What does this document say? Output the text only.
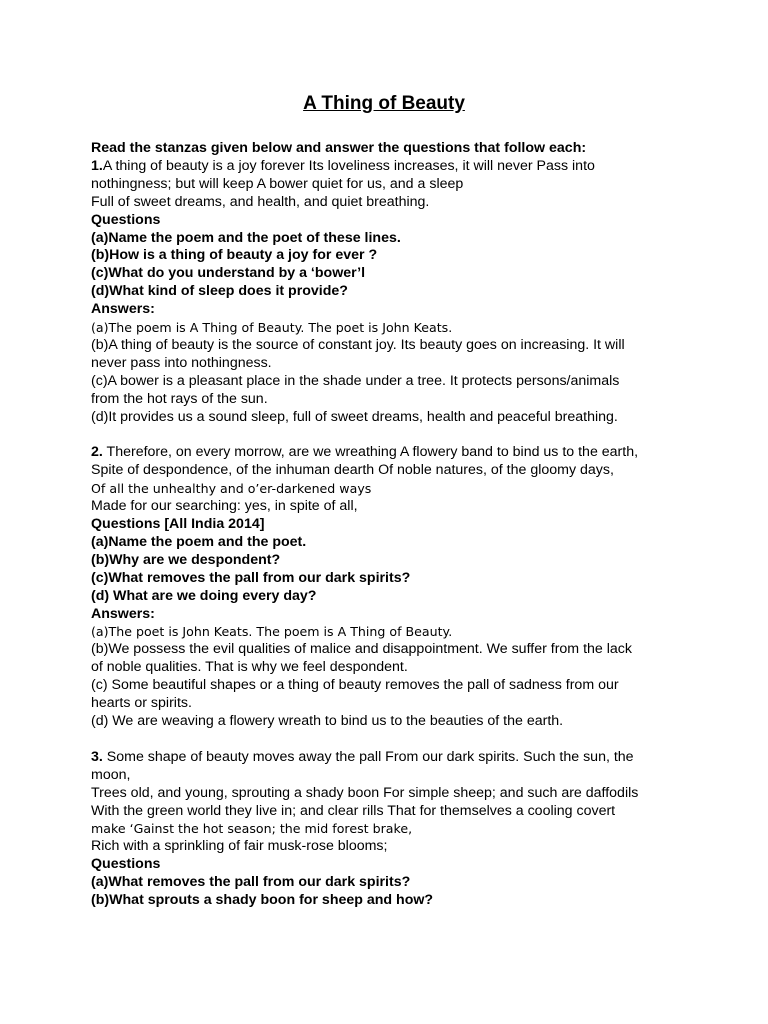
A Thing of Beauty
Read the stanzas given below and answer the questions that follow each:
1.A thing of beauty is a joy forever Its loveliness increases, it will never Pass into
nothingness; but will keep A bower quiet for us, and a sleep
Full of sweet dreams, and health, and quiet breathing.
Questions
(a)Name the poem and the poet of these lines.
(b)How is a thing of beauty a joy for ever ?
(c)What do you understand by a ‘bower’l
(d)What kind of sleep does it provide?
Answers:
(a)The poem is A Thing of Beauty. The poet is John Keats.
(b)A thing of beauty is the source of constant joy. Its beauty goes on increasing. It will
never pass into nothingness.
(c)A bower is a pleasant place in the shade under a tree. It protects persons/animals
from the hot rays of the sun.
(d)It provides us a sound sleep, full of sweet dreams, health and peaceful breathing.
2. Therefore, on every morrow, are we wreathing A flowery band to bind us to the earth,
Spite of despondence, of the inhuman dearth Of noble natures, of the gloomy days,
Of all the unhealthy and o’er-darkened ways
Made for our searching: yes, in spite of all,
Questions [All India 2014]
(a)Name the poem and the poet.
(b)Why are we despondent?
(c)What removes the pall from our dark spirits?
(d) What are we doing every day?
Answers:
(a)The poet is John Keats. The poem is A Thing of Beauty.
(b)We possess the evil qualities of malice and disappointment. We suffer from the lack
of noble qualities. That is why we feel despondent.
(c) Some beautiful shapes or a thing of beauty removes the pall of sadness from our
hearts or spirits.
(d) We are weaving a flowery wreath to bind us to the beauties of the earth.
3. Some shape of beauty moves away the pall From our dark spirits. Such the sun, the
moon,
Trees old, and young, sprouting a shady boon For simple sheep; and such are daffodils
With the green world they live in; and clear rills That for themselves a cooling covert
make ‘Gainst the hot season; the mid forest brake,
Rich with a sprinkling of fair musk-rose blooms;
Questions
(a)What removes the pall from our dark spirits?
(b)What sprouts a shady boon for sheep and how?
